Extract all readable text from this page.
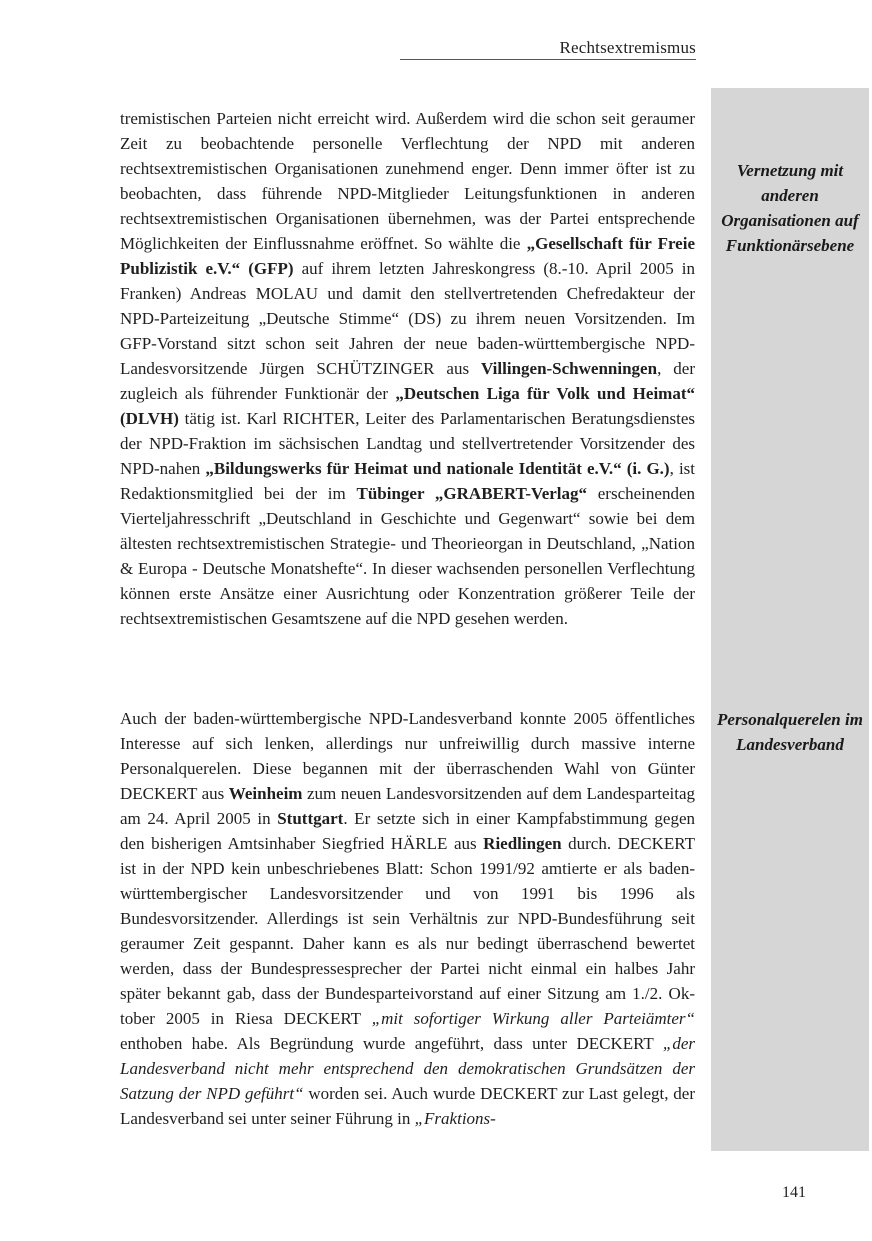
Rechtsextremismus
Vernetzung mit anderen Organisationen auf Funktionärsebene
Personalquerelen im Landesverband

tremistischen Parteien nicht erreicht wird. Außerdem wird die schon seit geraumer Zeit zu beobachtende personelle Verflechtung der NPD mit anderen rechtsextremistischen Organisationen zunehmend enger. Denn immer öfter ist zu beobachten, dass führende NPD-Mitglieder Leitungsfunktionen in anderen rechtsextremistischen Organisationen übernehmen, was der Partei entsprechende Möglichkeiten der Einflussnahme eröffnet. So wählte die „Gesellschaft für Freie Publizistik e.V.“ (GFP) auf ihrem letzten Jahreskongress (8.-10. April 2005 in Franken) Andreas MOLAU und damit den stellvertretenden Chefredakteur der NPD-Parteizeitung „Deutsche Stimme“ (DS) zu ihrem neuen Vorsitzenden. Im GFP-Vorstand sitzt schon seit Jahren der neue baden-württembergische NPD-Landesvorsitzende Jürgen SCHÜTZINGER aus Villingen-Schwenningen, der zugleich als führender Funktionär der „Deutschen Liga für Volk und Heimat“ (DLVH) tätig ist. Karl RICHTER, Leiter des Parlamentarischen Beratungsdienstes der NPD-Fraktion im sächsischen Landtag und stellvertretender Vorsitzender des NPD-nahen „Bildungswerks für Heimat und nationale Identität e.V.“ (i. G.), ist Redaktionsmitglied bei der im Tübinger „GRABERT-Verlag“ erscheinenden Vierteljahresschrift „Deutschland in Geschichte und Gegenwart“ sowie bei dem ältesten rechtsextremistischen Strategie- und Theorieorgan in Deutschland, „Nation & Europa - Deutsche Monatshefte“. In dieser wachsenden personellen Verflechtung können erste Ansätze einer Ausrichtung oder Konzentration größerer Teile der rechtsextremistischen Gesamtszene auf die NPD gesehen werden.

Auch der baden-württembergische NPD-Landesverband konnte 2005 öffentliches Interesse auf sich lenken, allerdings nur unfreiwillig durch massive interne Personalquerelen. Diese begannen mit der überraschenden Wahl von Günter DECKERT aus Weinheim zum neuen Landesvorsitzenden auf dem Landesparteitag am 24. April 2005 in Stuttgart. Er setzte sich in einer Kampfabstimmung gegen den bisherigen Amtsinhaber Siegfried HÄRLE aus Riedlingen durch. DECKERT ist in der NPD kein unbeschriebenes Blatt: Schon 1991/92 amtierte er als baden-württembergischer Landesvorsitzender und von 1991 bis 1996 als Bundesvorsitzender. Allerdings ist sein Verhältnis zur NPD-Bundesführung seit geraumer Zeit gespannt. Daher kann es als nur bedingt überraschend bewertet werden, dass der Bundespressesprecher der Partei nicht einmal ein halbes Jahr später bekannt gab, dass der Bundesparteivorstand auf einer Sitzung am 1./2. Oktober 2005 in Riesa DECKERT „mit sofortiger Wirkung aller Parteiämter“ enthoben habe. Als Begründung wurde angeführt, dass unter DECKERT „der Landesverband nicht mehr entsprechend den demokratischen Grundsätzen der Satzung der NPD geführt“ worden sei. Auch wurde DECKERT zur Last gelegt, der Landesverband sei unter seiner Führung in „Fraktions-

141
